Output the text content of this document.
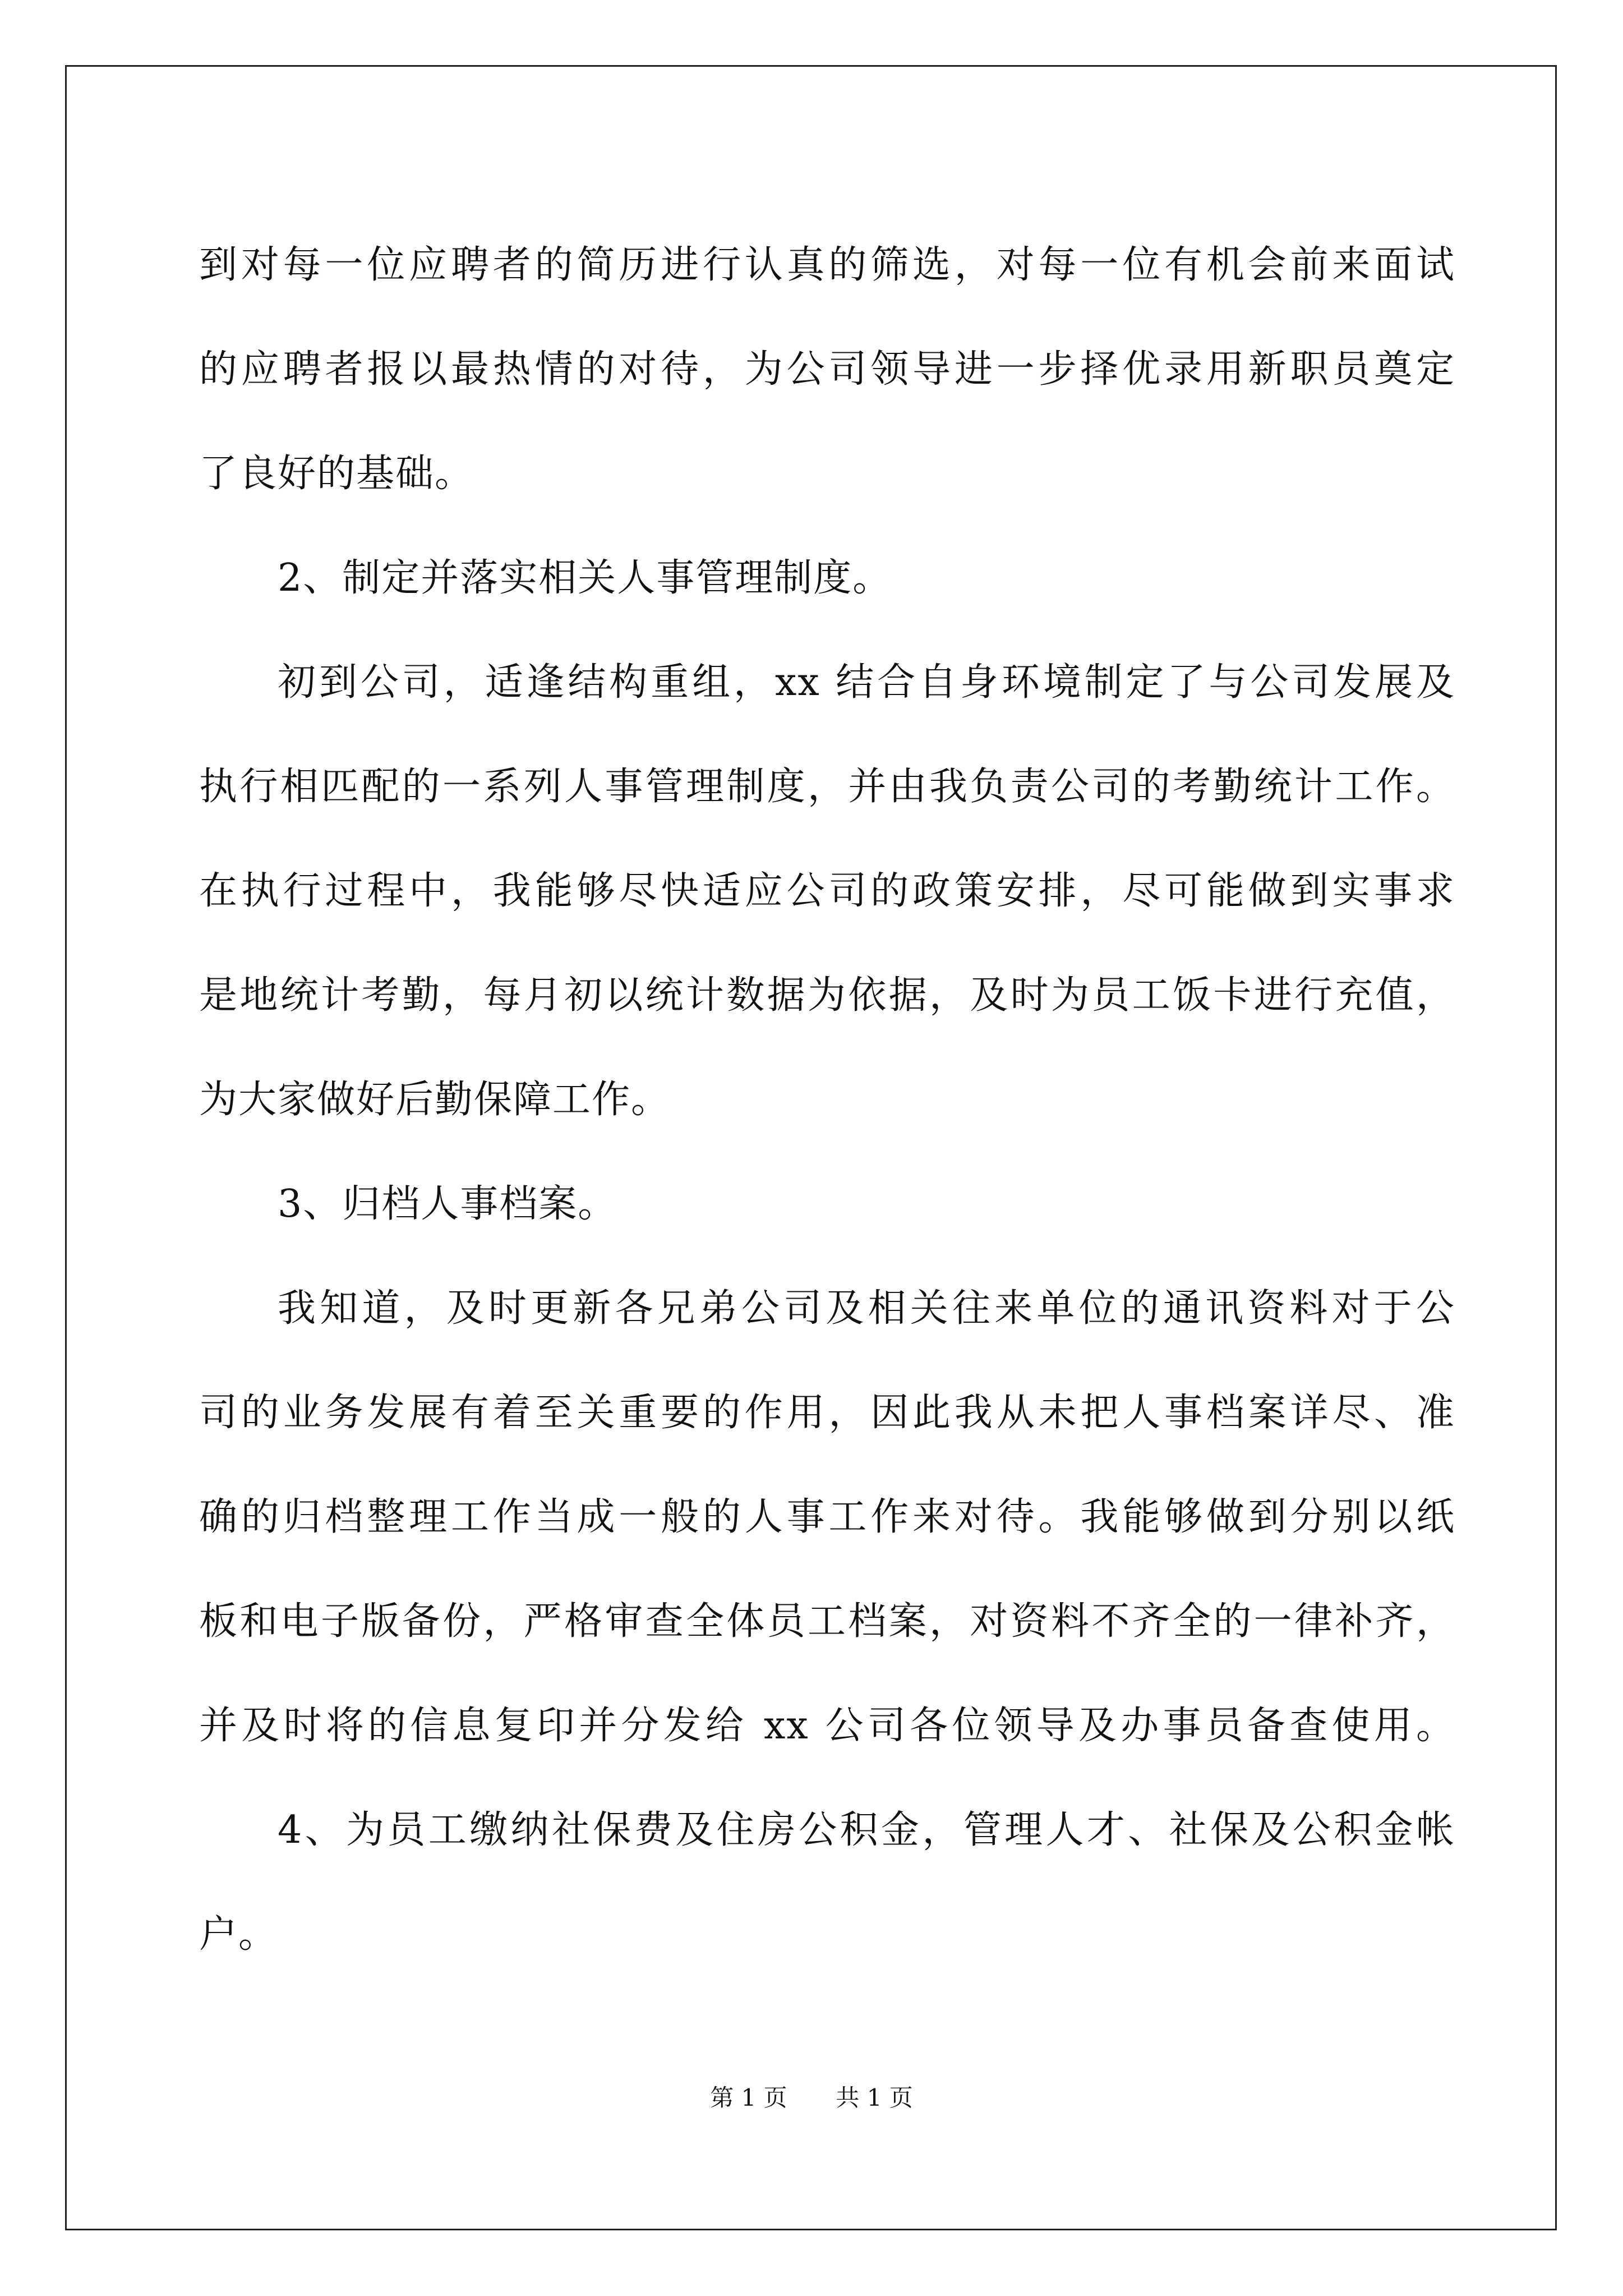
到对每一位应聘者的简历进行认真的筛选，对每一位有机会前来面试
的应聘者报以最热情的对待，为公司领导进一步择优录用新职员奠定
了良好的基础。
2、制定并落实相关人事管理制度。
初到公司，适逢结构重组，xx 结合自身环境制定了与公司发展及
执行相匹配的一系列人事管理制度，并由我负责公司的考勤统计工作。
在执行过程中，我能够尽快适应公司的政策安排，尽可能做到实事求
是地统计考勤，每月初以统计数据为依据，及时为员工饭卡进行充值，
为大家做好后勤保障工作。
3、归档人事档案。
我知道，及时更新各兄弟公司及相关往来单位的通讯资料对于公
司的业务发展有着至关重要的作用，因此我从未把人事档案详尽、准
确的归档整理工作当成一般的人事工作来对待。我能够做到分别以纸
板和电子版备份，严格审查全体员工档案，对资料不齐全的一律补齐，
并及时将的信息复印并分发给 xx 公司各位领导及办事员备查使用。
4、为员工缴纳社保费及住房公积金，管理人才、社保及公积金帐
户。
第 1 页 共 1 页
